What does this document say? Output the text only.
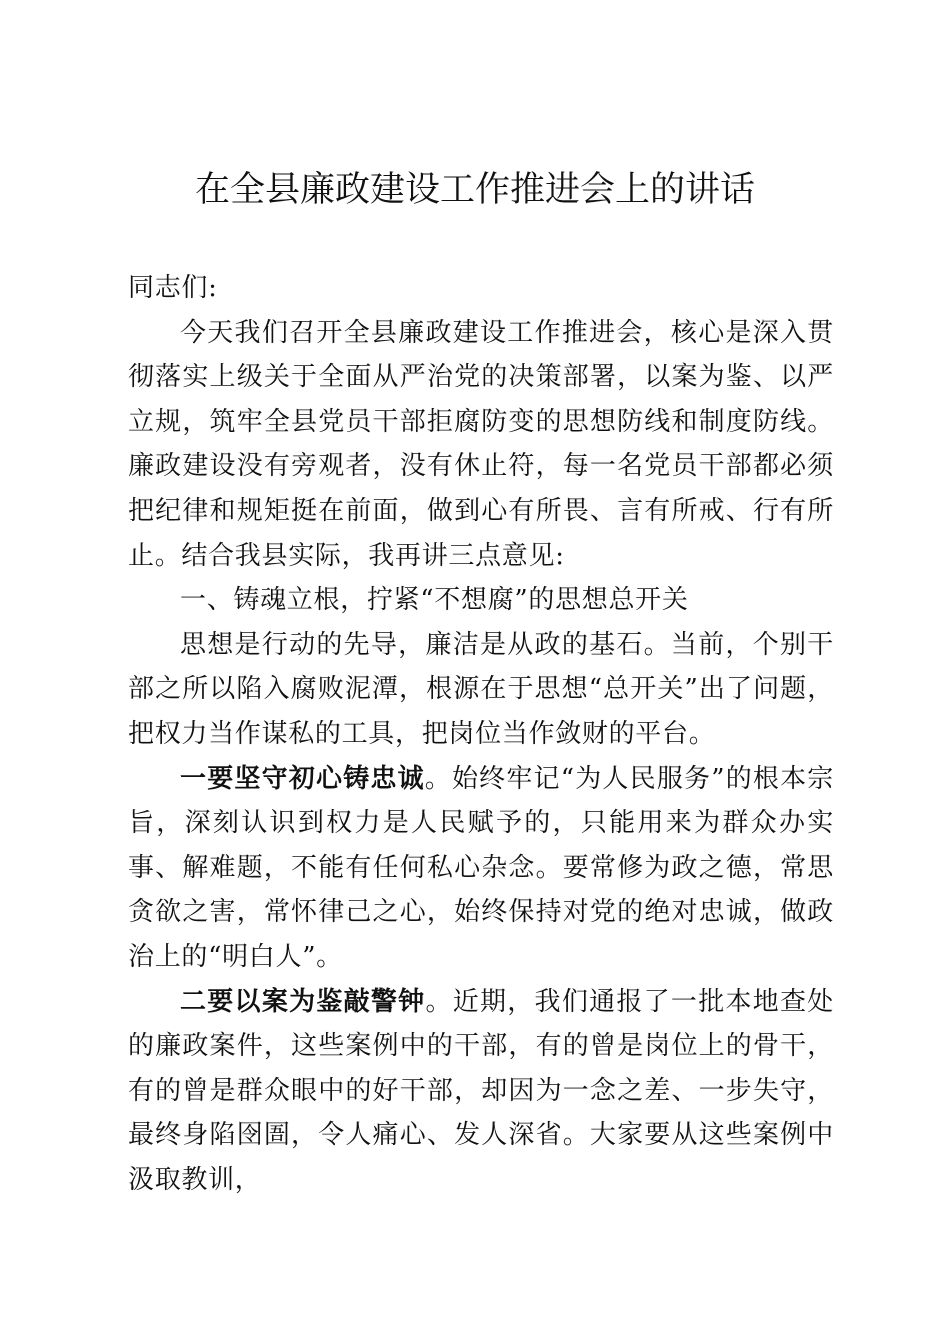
在全县廉政建设工作推进会上的讲话

同志们:

今天我们召开全县廉政建设工作推进会，核心是深入贯彻落实上级关于全面从严治党的决策部署，以案为鉴、以严立规，筑牢全县党员干部拒腐防变的思想防线和制度防线。廉政建设没有旁观者，没有休止符，每一名党员干部都必须把纪律和规矩挺在前面，做到心有所畏、言有所戒、行有所止。结合我县实际，我再讲三点意见:

一、铸魂立根，拧紧“不想腐”的思想总开关

思想是行动的先导，廉洁是从政的基石。当前，个别干部之所以陷入腐败泥潭，根源在于思想“总开关”出了问题，把权力当作谋私的工具，把岗位当作敛财的平台。

一要坚守初心铸忠诚。始终牢记“为人民服务”的根本宗旨，深刻认识到权力是人民赋予的，只能用来为群众办实事、解难题，不能有任何私心杂念。要常修为政之德，常思贪欲之害，常怀律己之心，始终保持对党的绝对忠诚，做政治上的“明白人”。

二要以案为鉴敲警钟。近期，我们通报了一批本地查处的廉政案件，这些案例中的干部，有的曾是岗位上的骨干，有的曾是群众眼中的好干部，却因为一念之差、一步失守，最终身陷囹圄，令人痛心、发人深省。大家要从这些案例中汲取教训，
